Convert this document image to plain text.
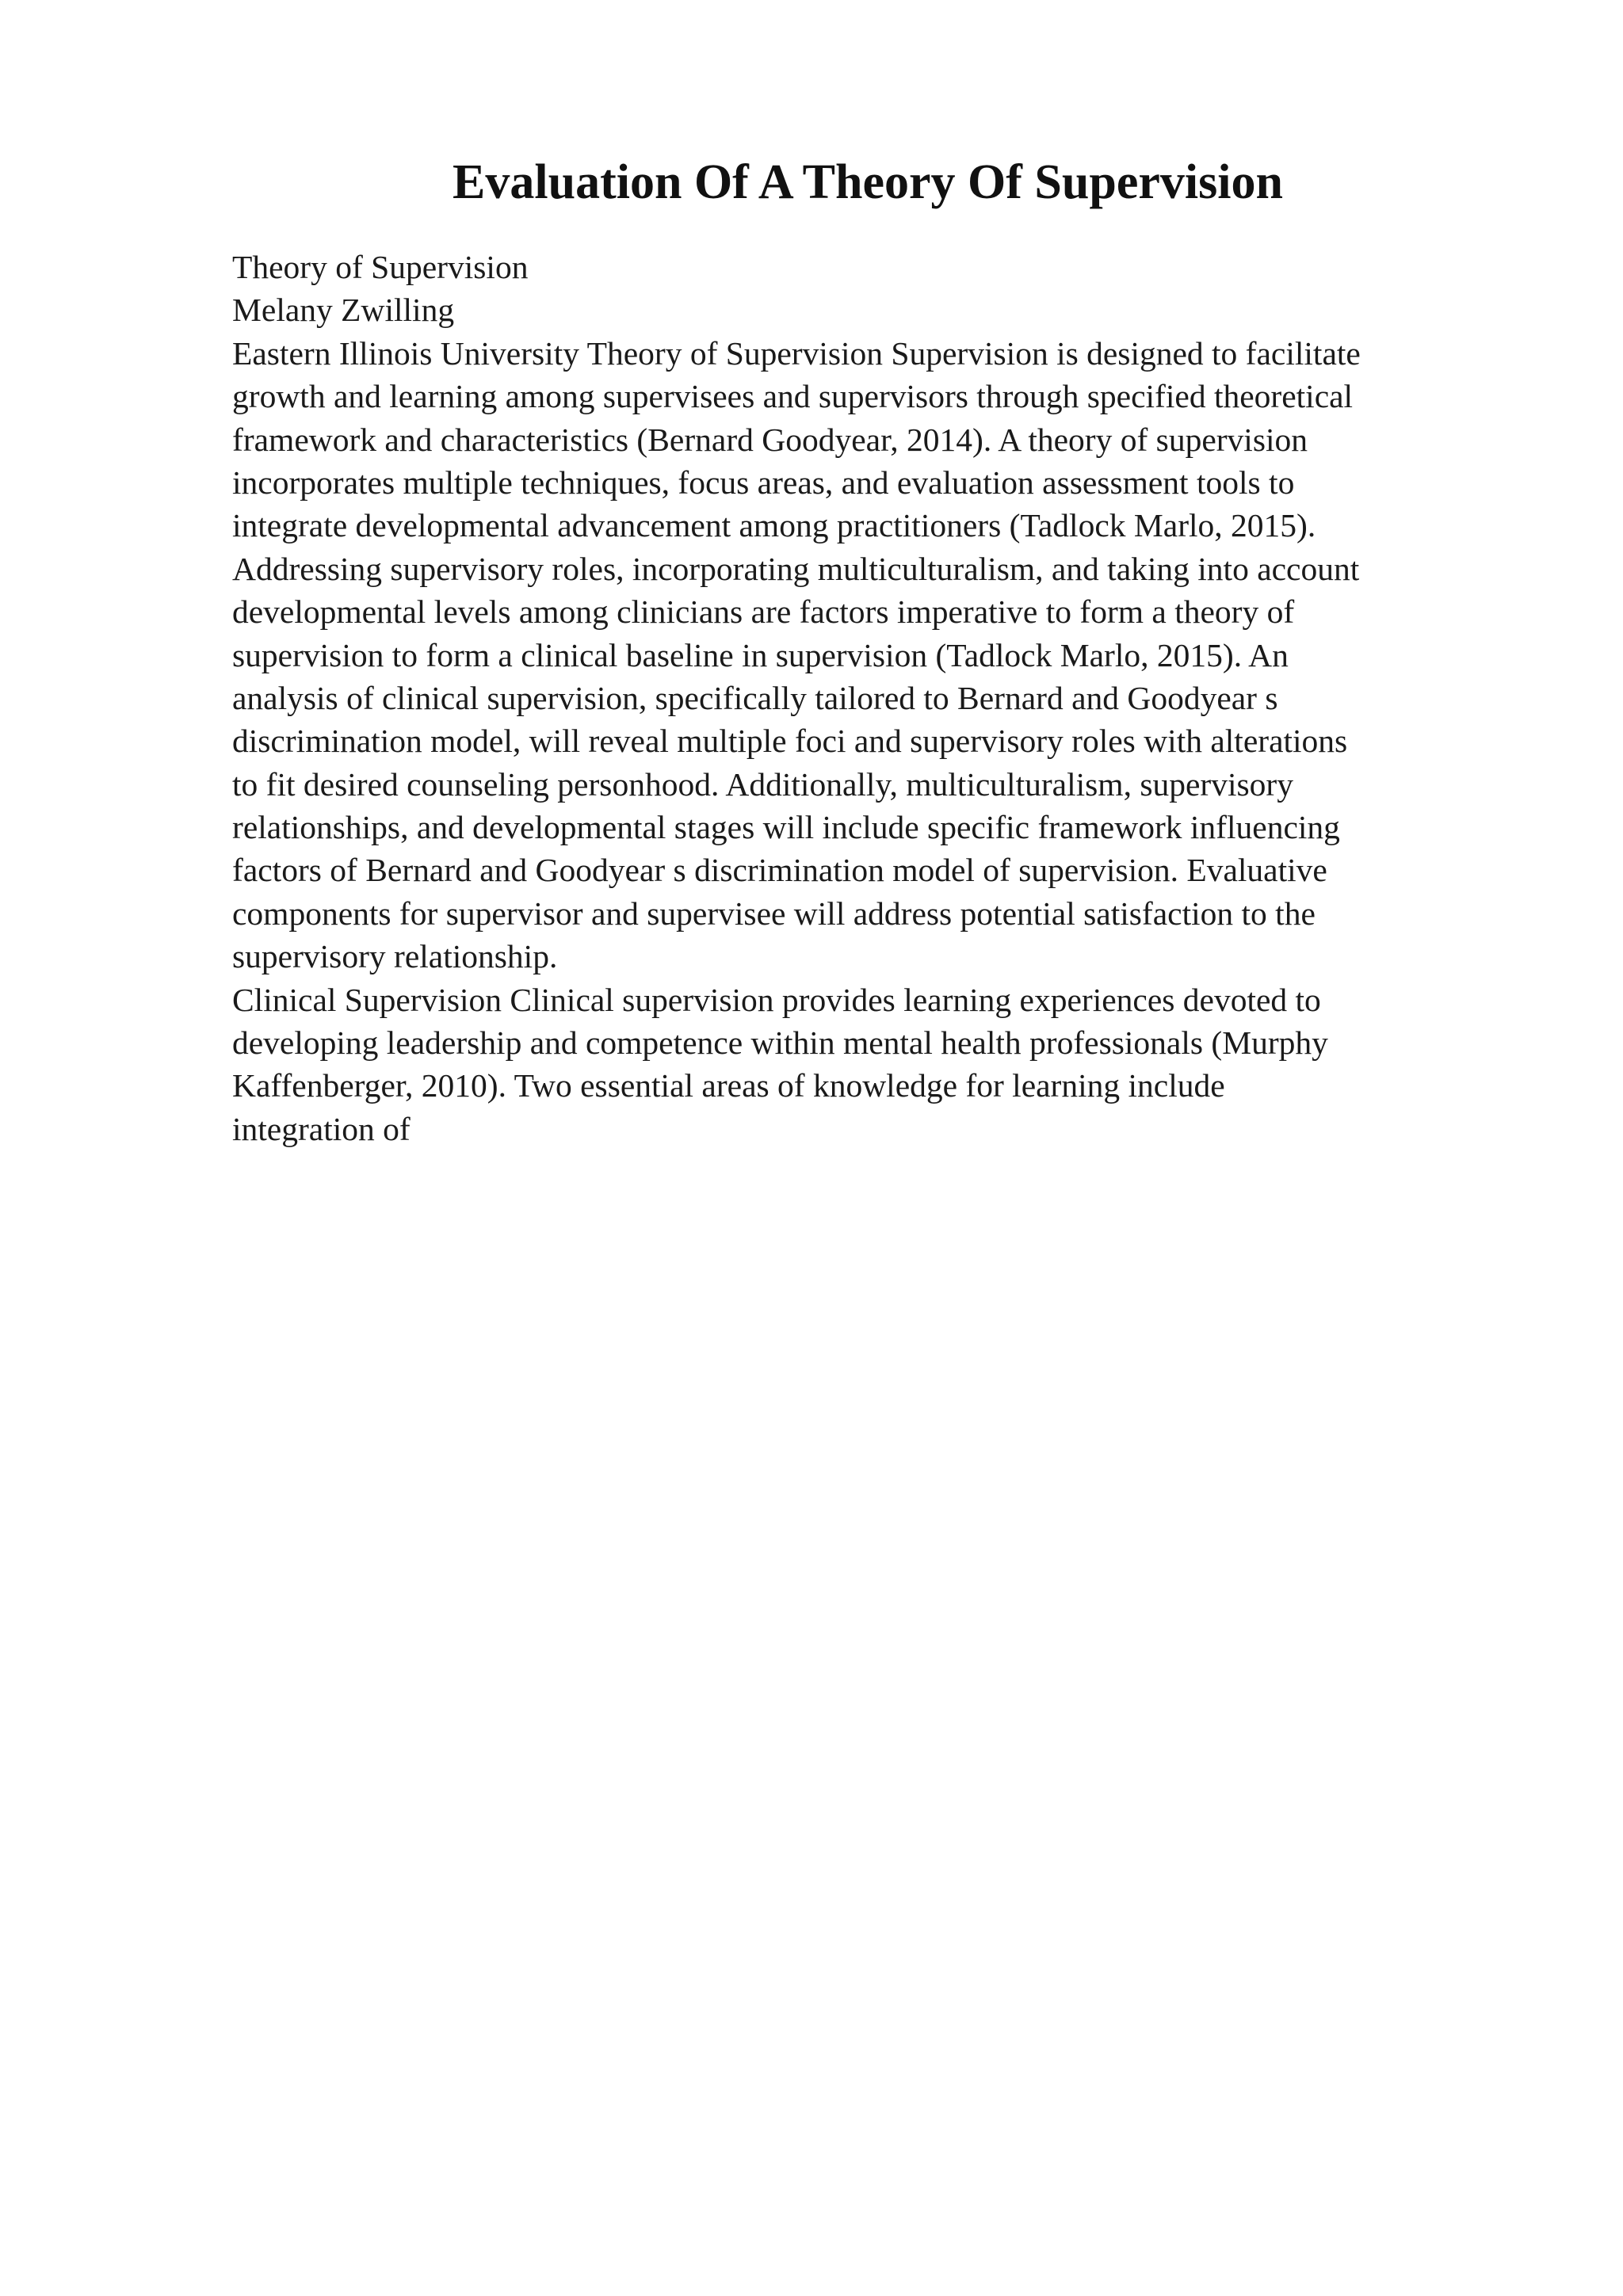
Evaluation Of A Theory Of Supervision
Theory of Supervision
Melany Zwilling
Eastern Illinois University Theory of Supervision Supervision is designed to facilitate
growth and learning among supervisees and supervisors through specified theoretical
framework and characteristics (Bernard Goodyear, 2014). A theory of supervision
incorporates multiple techniques, focus areas, and evaluation assessment tools to
integrate developmental advancement among practitioners (Tadlock Marlo, 2015).
Addressing supervisory roles, incorporating multiculturalism, and taking into account
developmental levels among clinicians are factors imperative to form a theory of
supervision to form a clinical baseline in supervision (Tadlock Marlo, 2015). An
analysis of clinical supervision, specifically tailored to Bernard and Goodyear s
discrimination model, will reveal multiple foci and supervisory roles with alterations
to fit desired counseling personhood. Additionally, multiculturalism, supervisory
relationships, and developmental stages will include specific framework influencing
factors of Bernard and Goodyear s discrimination model of supervision. Evaluative
components for supervisor and supervisee will address potential satisfaction to the
supervisory relationship.
Clinical Supervision Clinical supervision provides learning experiences devoted to
developing leadership and competence within mental health professionals (Murphy
Kaffenberger, 2010). Two essential areas of knowledge for learning include
integration of
